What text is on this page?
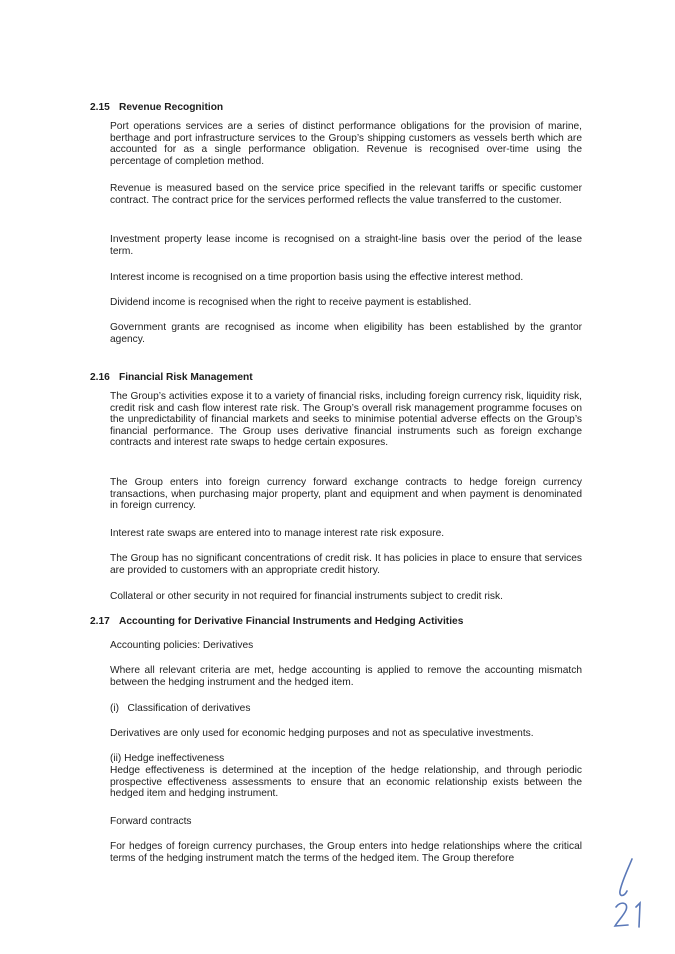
2.15 Revenue Recognition

Port operations services are a series of distinct performance obligations for the provision of marine, berthage and port infrastructure services to the Group’s shipping customers as vessels berth which are accounted for as a single performance obligation. Revenue is recognised over-time using the percentage of completion method.

Revenue is measured based on the service price specified in the relevant tariffs or specific customer contract. The contract price for the services performed reflects the value transferred to the customer.

Investment property lease income is recognised on a straight-line basis over the period of the lease term.

Interest income is recognised on a time proportion basis using the effective interest method.

Dividend income is recognised when the right to receive payment is established.

Government grants are recognised as income when eligibility has been established by the grantor agency.

2.16 Financial Risk Management

The Group’s activities expose it to a variety of financial risks, including foreign currency risk, liquidity risk, credit risk and cash flow interest rate risk. The Group’s overall risk management programme focuses on the unpredictability of financial markets and seeks to minimise potential adverse effects on the Group’s financial performance. The Group uses derivative financial instruments such as foreign exchange contracts and interest rate swaps to hedge certain exposures.

The Group enters into foreign currency forward exchange contracts to hedge foreign currency transactions, when purchasing major property, plant and equipment and when payment is denominated in foreign currency.

Interest rate swaps are entered into to manage interest rate risk exposure.

The Group has no significant concentrations of credit risk. It has policies in place to ensure that services are provided to customers with an appropriate credit history.

Collateral or other security in not required for financial instruments subject to credit risk.

2.17 Accounting for Derivative Financial Instruments and Hedging Activities

Accounting policies: Derivatives

Where all relevant criteria are met, hedge accounting is applied to remove the accounting mismatch between the hedging instrument and the hedged item.

(i)   Classification of derivatives

Derivatives are only used for economic hedging purposes and not as speculative investments.

(ii) Hedge ineffectiveness

Hedge effectiveness is determined at the inception of the hedge relationship, and through periodic prospective effectiveness assessments to ensure that an economic relationship exists between the hedged item and hedging instrument.

Forward contracts

For hedges of foreign currency purchases, the Group enters into hedge relationships where the critical terms of the hedging instrument match the terms of the hedged item. The Group therefore
